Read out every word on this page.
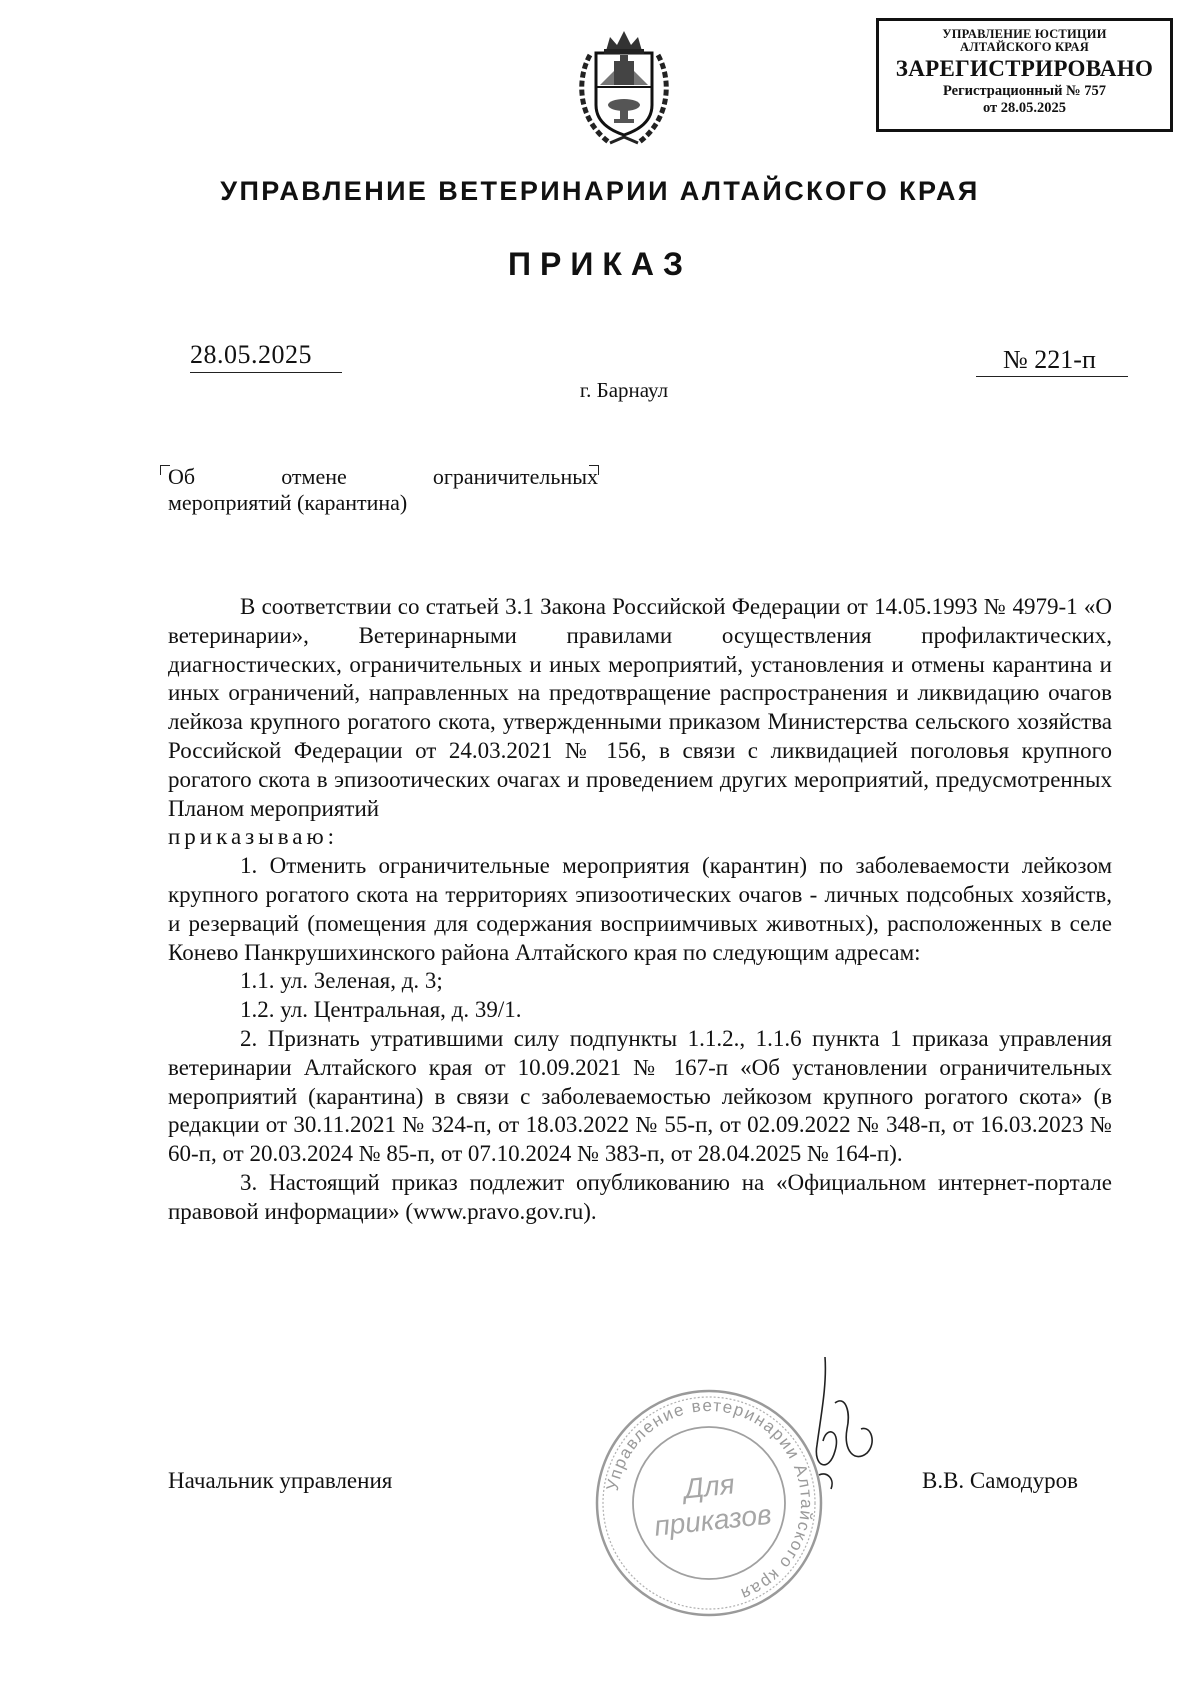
УПРАВЛЕНИЕ ЮСТИЦИИ
АЛТАЙСКОГО КРАЯ
ЗАРЕГИСТРИРОВАНО
Регистрационный № 757
от 28.05.2025
УПРАВЛЕНИЕ ВЕТЕРИНАРИИ АЛТАЙСКОГО КРАЯ
ПРИКАЗ
28.05.2025	№ 221-п
г. Барнаул
Об	отмене	ограничительных
мероприятий (карантина)

В соответствии со статьей 3.1 Закона Российской Федерации от 14.05.1993 № 4979-1 «О ветеринарии», Ветеринарными правилами осуществления профилактических, диагностических, ограничительных и иных мероприятий, установления и отмены карантина и иных ограничений, направленных на предотвращение распространения и ликвидацию очагов лейкоза крупного рогатого скота, утвержденными приказом Министерства сельского хозяйства Российской Федерации от 24.03.2021 № 156, в связи с ликвидацией поголовья крупного рогатого скота в эпизоотических очагах и проведением других мероприятий, предусмотренных Планом мероприятий

приказываю:

1. Отменить ограничительные мероприятия (карантин) по заболеваемости лейкозом крупного рогатого скота на территориях эпизоотических очагов - личных подсобных хозяйств, и резерваций (помещения для содержания восприимчивых животных), расположенных в селе Конево Панкрушихинского района Алтайского края по следующим адресам:

1.1. ул. Зеленая, д. 3;

1.2. ул. Центральная, д. 39/1.

2. Признать утратившими силу подпункты 1.1.2., 1.1.6 пункта 1 приказа управления ветеринарии Алтайского края от 10.09.2021 № 167-п «Об установлении ограничительных мероприятий (карантина) в связи с заболеваемостью лейкозом крупного рогатого скота» (в редакции от 30.11.2021 № 324-п, от 18.03.2022 № 55-п, от 02.09.2022 № 348-п, от 16.03.2023 № 60-п, от 20.03.2024 № 85-п, от 07.10.2024 № 383-п, от 28.04.2025 № 164-п).

3. Настоящий приказ подлежит опубликованию на «Официальном интернет-портале правовой информации» (www.pravo.gov.ru).

Начальник управления	В.В. Самодуров
Управление ветеринарии Алтайского края
Для
приказов
